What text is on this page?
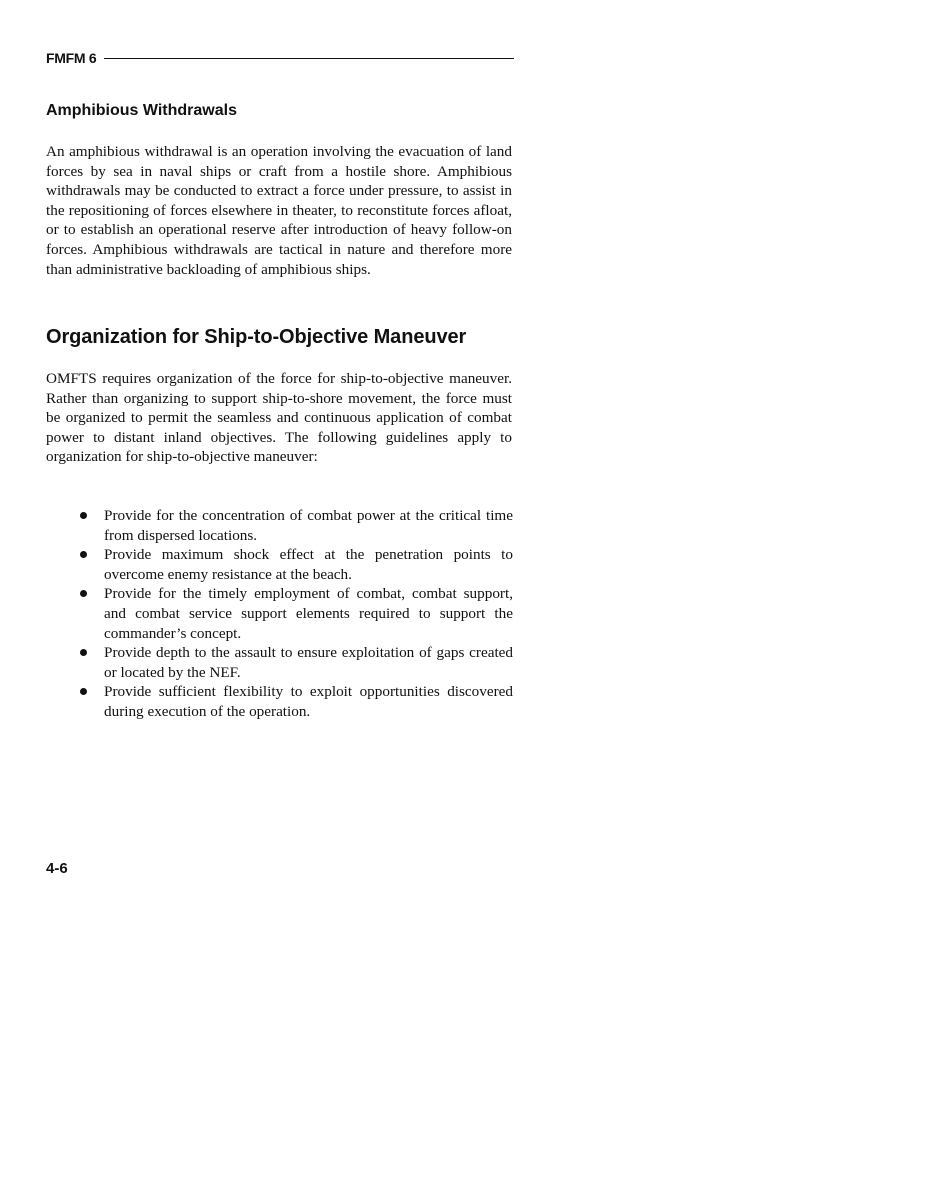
FMFM 6
Amphibious Withdrawals

An amphibious withdrawal is an operation involving the evacuation of land forces by sea in naval ships or craft from a hostile shore. Amphibious withdrawals may be conducted to extract a force under pressure, to assist in the repositioning of forces elsewhere in theater, to reconstitute forces afloat, or to establish an operational reserve after introduction of heavy follow-on forces. Amphibious withdrawals are tactical in nature and therefore more than administrative backloading of amphibious ships.

Organization for Ship-to-Objective Maneuver

OMFTS requires organization of the force for ship-to-objective maneuver. Rather than organizing to support ship-to-shore movement, the force must be organized to permit the seamless and continuous application of combat power to distant inland objectives. The following guidelines apply to organization for ship-to-objective maneuver:

Provide for the concentration of combat power at the critical time from dispersed locations.
Provide maximum shock effect at the penetration points to overcome enemy resistance at the beach.
Provide for the timely employment of combat, combat support, and combat service support elements required to support the commander’s concept.
Provide depth to the assault to ensure exploitation of gaps created or located by the NEF.
Provide sufficient flexibility to exploit opportunities discovered during execution of the operation.
4-6
